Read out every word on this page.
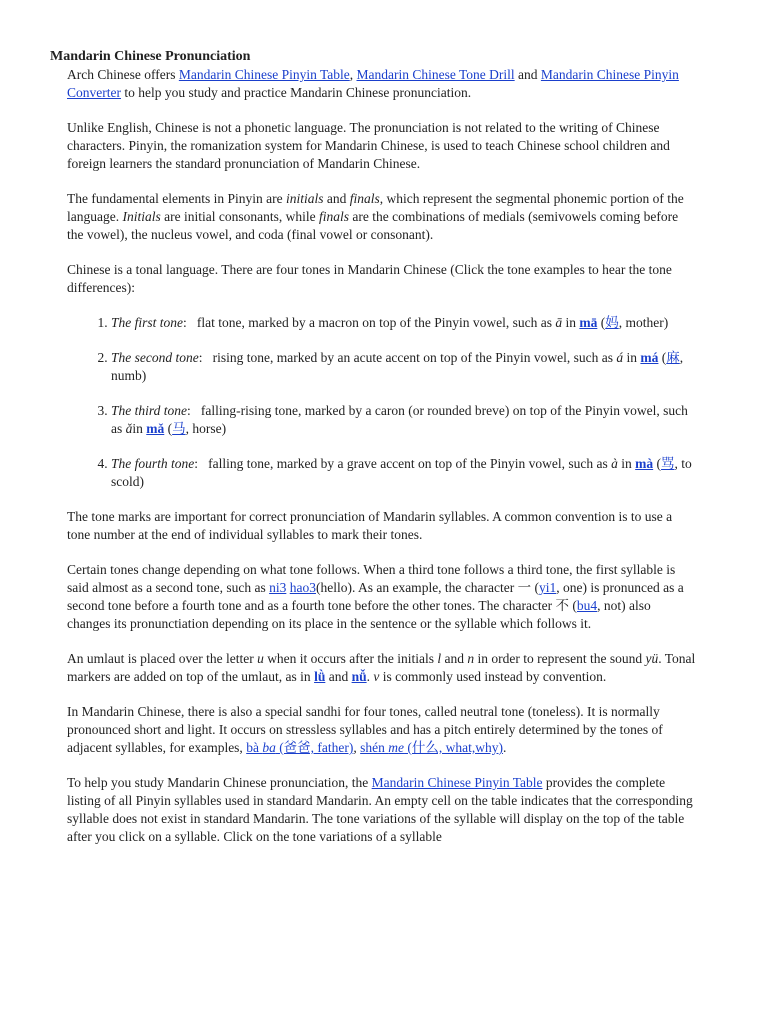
Mandarin Chinese Pronunciation

Arch Chinese offers Mandarin Chinese Pinyin Table, Mandarin Chinese Tone Drill and Mandarin Chinese Pinyin Converter to help you study and practice Mandarin Chinese pronunciation.

Unlike English, Chinese is not a phonetic language. The pronunciation is not related to the writing of Chinese characters. Pinyin, the romanization system for Mandarin Chinese, is used to teach Chinese school children and foreign learners the standard pronunciation of Mandarin Chinese.

The fundamental elements in Pinyin are initials and finals, which represent the segmental phonemic portion of the language. Initials are initial consonants, while finals are the combinations of medials (semivowels coming before the vowel), the nucleus vowel, and coda (final vowel or consonant).

Chinese is a tonal language. There are four tones in Mandarin Chinese (Click the tone examples to hear the tone differences):

1. The first tone:   flat tone, marked by a macron on top of the Pinyin vowel, such as ā in mā (妈, mother)
2. The second tone:   rising tone, marked by an acute accent on top of the Pinyin vowel, such as á in má (麻, numb)
3. The third tone:   falling-rising tone, marked by a caron (or rounded breve) on top of the Pinyin vowel, such as ǎin mǎ (马, horse)
4. The fourth tone:   falling tone, marked by a grave accent on top of the Pinyin vowel, such as à in mà (骂, to scold)

The tone marks are important for correct pronunciation of Mandarin syllables. A common convention is to use a tone number at the end of individual syllables to mark their tones.

Certain tones change depending on what tone follows. When a third tone follows a third tone, the first syllable is said almost as a second tone, such as ni3 hao3(hello). As an example, the character 一 (yi1, one) is pronunced as a second tone before a fourth tone and as a fourth tone before the other tones. The character 不 (bu4, not) also changes its pronunctiation depending on its place in the sentence or the syllable which follows it.

An umlaut is placed over the letter u when it occurs after the initials l and n in order to represent the sound yü. Tonal markers are added on top of the umlaut, as in lǜ and nǚ. v is commonly used instead by convention.

In Mandarin Chinese, there is also a special sandhi for four tones, called neutral tone (toneless). It is normally pronounced short and light. It occurs on stressless syllables and has a pitch entirely determined by the tones of adjacent syllables, for examples, bà ba (爸爸, father), shén me (什么, what,why).

To help you study Mandarin Chinese pronunciation, the Mandarin Chinese Pinyin Table provides the complete listing of all Pinyin syllables used in standard Mandarin. An empty cell on the table indicates that the corresponding syllable does not exist in standard Mandarin. The tone variations of the syllable will display on the top of the table after you click on a syllable. Click on the tone variations of a syllable
